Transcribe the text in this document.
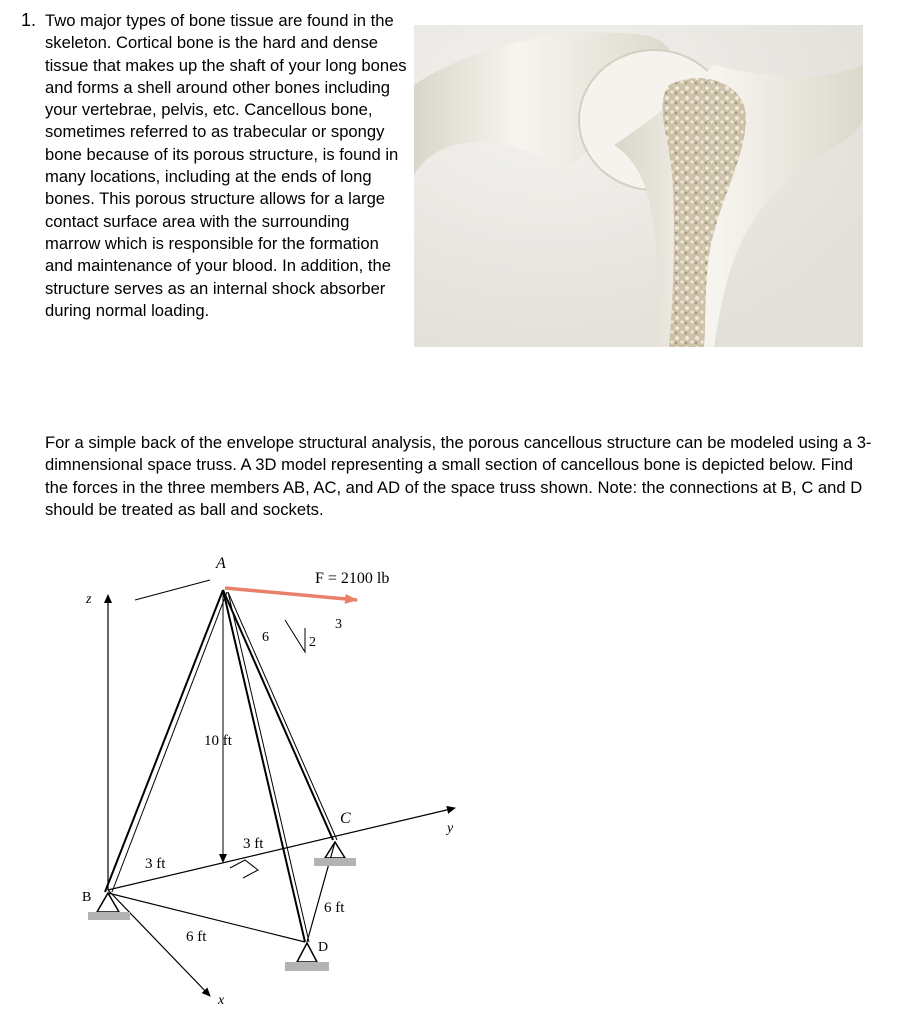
1. Two major types of bone tissue are found in the skeleton. Cortical bone is the hard and dense tissue that makes up the shaft of your long bones and forms a shell around other bones including your vertebrae, pelvis, etc. Cancellous bone, sometimes referred to as trabecular or spongy bone because of its porous structure, is found in many locations, including at the ends of long bones. This porous structure allows for a large contact surface area with the surrounding marrow which is responsible for the formation and maintenance of your blood. In addition, the structure serves as an internal shock absorber during normal loading.

For a simple back of the envelope structural analysis, the porous cancellous structure can be modeled using a 3-dimnensional space truss. A 3D model representing a small section of cancellous bone is depicted below. Find the forces in the three members AB, AC, and AD of the space truss shown. Note: the connections at B, C and D should be treated as ball and sockets.

z
y
x
10 ft
3 ft
3 ft
6 ft
6 ft
F = 2100 lb
6
3
2
A
B
C
D
